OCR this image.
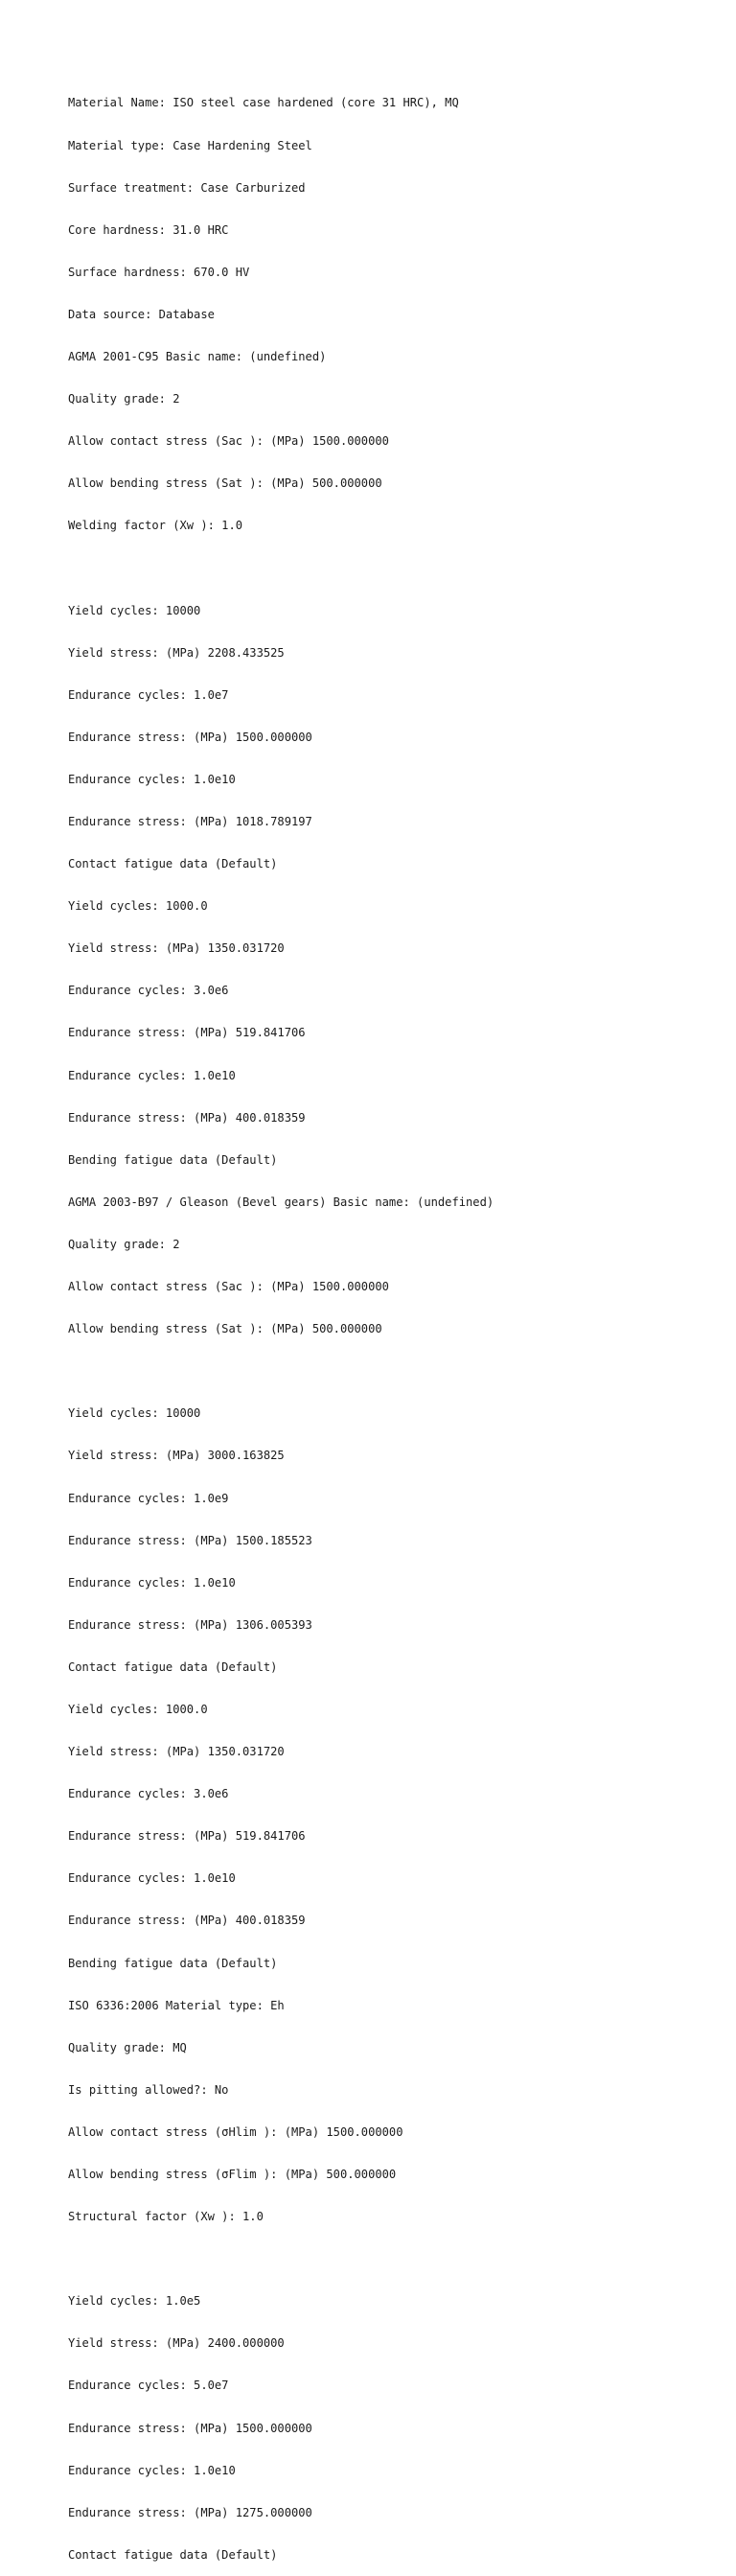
Material Name: ISO steel case hardened (core 31 HRC), MQ

Material type: Case Hardening Steel

Surface treatment: Case Carburized

Core hardness: 31.0 HRC

Surface hardness: 670.0 HV

Data source: Database

AGMA 2001-C95 Basic name: (undefined)

Quality grade: 2

Allow contact stress (Sac ): (MPa) 1500.000000

Allow bending stress (Sat ): (MPa) 500.000000

Welding factor (Xw ): 1.0

Yield cycles: 10000

Yield stress: (MPa) 2208.433525

Endurance cycles: 1.0e7

Endurance stress: (MPa) 1500.000000

Endurance cycles: 1.0e10

Endurance stress: (MPa) 1018.789197

Contact fatigue data (Default)

Yield cycles: 1000.0

Yield stress: (MPa) 1350.031720

Endurance cycles: 3.0e6

Endurance stress: (MPa) 519.841706

Endurance cycles: 1.0e10

Endurance stress: (MPa) 400.018359

Bending fatigue data (Default)

AGMA 2003-B97 / Gleason (Bevel gears) Basic name: (undefined)

Quality grade: 2

Allow contact stress (Sac ): (MPa) 1500.000000

Allow bending stress (Sat ): (MPa) 500.000000

Yield cycles: 10000

Yield stress: (MPa) 3000.163825

Endurance cycles: 1.0e9

Endurance stress: (MPa) 1500.185523

Endurance cycles: 1.0e10

Endurance stress: (MPa) 1306.005393

Contact fatigue data (Default)

Yield cycles: 1000.0

Yield stress: (MPa) 1350.031720

Endurance cycles: 3.0e6

Endurance stress: (MPa) 519.841706

Endurance cycles: 1.0e10

Endurance stress: (MPa) 400.018359

Bending fatigue data (Default)

ISO 6336:2006 Material type: Eh

Quality grade: MQ

Is pitting allowed?: No

Allow contact stress (σHlim ): (MPa) 1500.000000

Allow bending stress (σFlim ): (MPa) 500.000000

Structural factor (Xw ): 1.0

Yield cycles: 1.0e5

Yield stress: (MPa) 2400.000000

Endurance cycles: 5.0e7

Endurance stress: (MPa) 1500.000000

Endurance cycles: 1.0e10

Endurance stress: (MPa) 1275.000000

Contact fatigue data (Default)
